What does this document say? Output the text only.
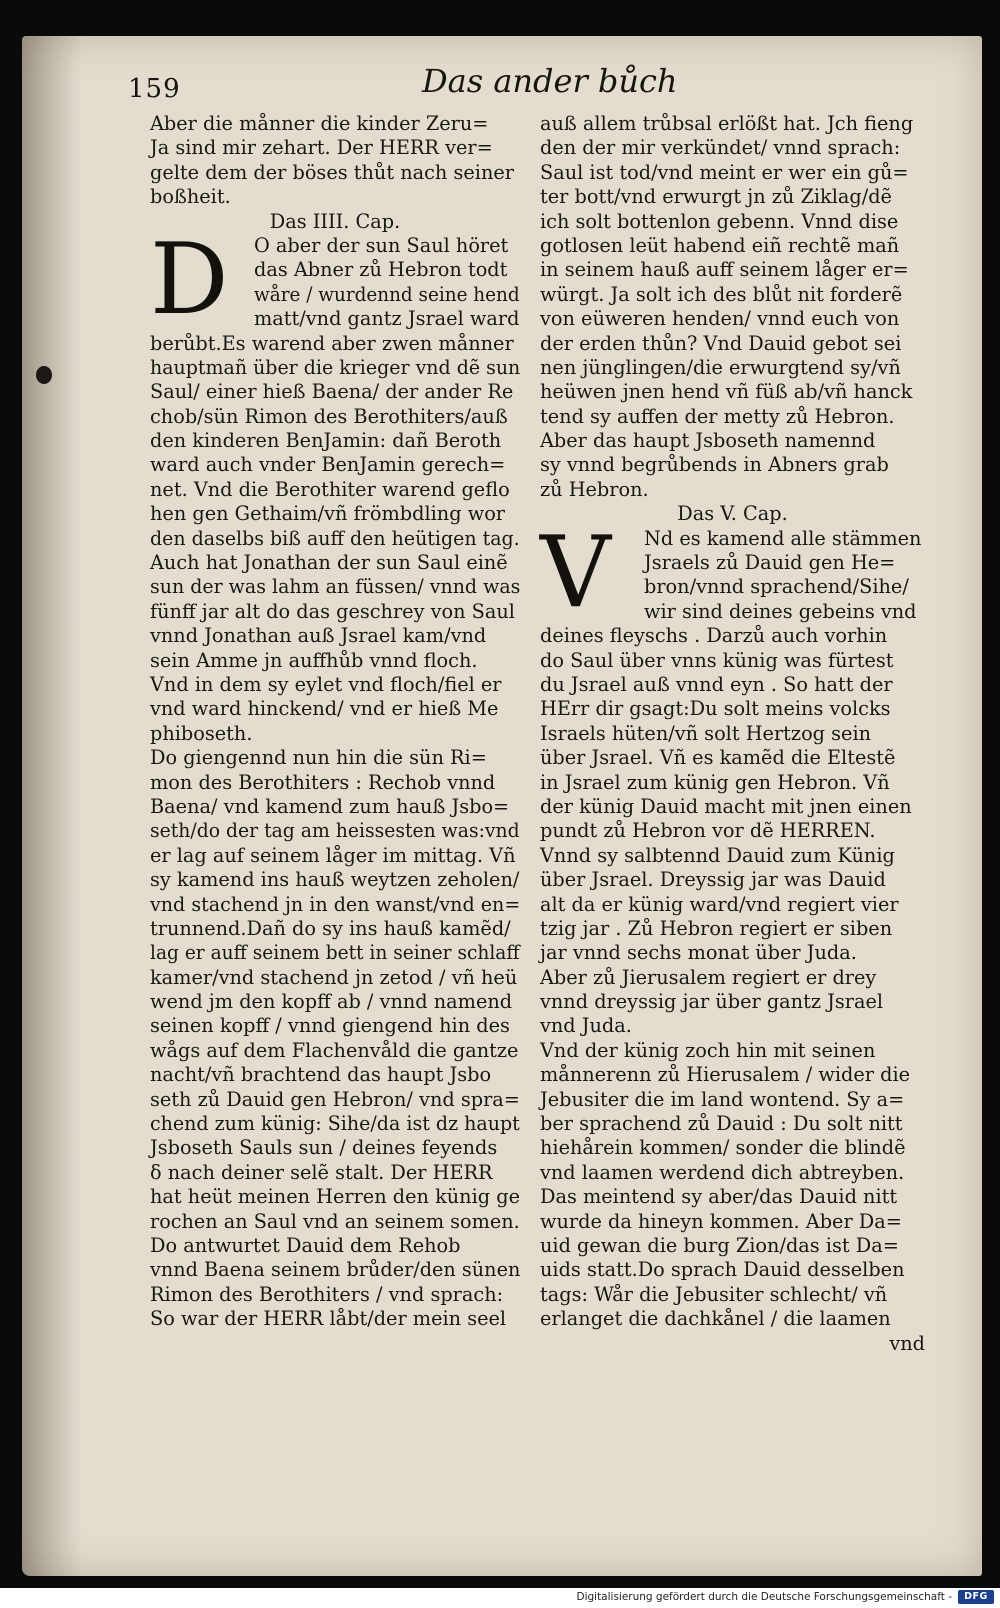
159	Das ander bůch
Aber die månner die kinder Zeru=
Ja sind mir zehart. Der HERR ver=
gelte dem der böses thůt nach seiner
boßheit.
Das IIII. Cap.
D	O aber der sun Saul höret
das Abner zů Hebron todt
wåre / wurdennd seine hend
matt/vnd gantz Jsrael ward
berůbt.Es warend aber zwen månner
hauptmañ über die krieger vnd dẽ sun
Saul/ einer hieß Baena/ der ander Re
chob/sün Rimon des Berothiters/auß
den kinderen BenJamin: dañ Beroth
ward auch vnder BenJamin gerech=
net. Vnd die Berothiter warend geflo
hen gen Gethaim/vñ frömbdling wor
den daselbs biß auff den heütigen tag.
Auch hat Jonathan der sun Saul einẽ
sun der was lahm an füssen/ vnnd was
fünff jar alt do das geschrey von Saul
vnnd Jonathan auß Jsrael kam/vnd
sein Amme jn auffhůb vnnd floch.
Vnd in dem sy eylet vnd floch/fiel er
vnd ward hinckend/ vnd er hieß Me
phiboseth.
Do giengennd nun hin die sün Ri=
mon des Berothiters : Rechob vnnd
Baena/ vnd kamend zum hauß Jsbo=
seth/do der tag am heissesten was:vnd
er lag auf seinem låger im mittag. Vñ
sy kamend ins hauß weytzen zeholen/
vnd stachend jn in den wanst/vnd en=
trunnend.Dañ do sy ins hauß kamẽd/
lag er auff seinem bett in seiner schlaff
kamer/vnd stachend jn zetod / vñ heü
wend jm den kopff ab / vnnd namend
seinen kopff / vnnd giengend hin des
wågs auf dem Flachenvåld die gantze
nacht/vñ brachtend das haupt Jsbo
seth zů Dauid gen Hebron/ vnd spra=
chend zum künig: Sihe/da ist dz haupt
Jsboseth Sauls sun / deines feyends
ẟ nach deiner selẽ stalt. Der HERR
hat heüt meinen Herren den künig ge
rochen an Saul vnd an seinem somen.
Do antwurtet Dauid dem Rehob
vnnd Baena seinem brůder/den sünen
Rimon des Berothiters / vnd sprach:
So war der HERR låbt/der mein seel
auß allem trůbsal erlößt hat. Jch fieng
den der mir verkündet/ vnnd sprach:
Saul ist tod/vnd meint er wer ein gů=
ter bott/vnd erwurgt jn zů Ziklag/dẽ
ich solt bottenlon gebenn. Vnnd dise
gotlosen leüt habend eiñ rechtẽ mañ
in seinem hauß auff seinem låger er=
würgt. Ja solt ich des blůt nit forderẽ
von eüweren henden/ vnnd euch von
der erden thůn? Vnd Dauid gebot sei
nen jünglingen/die erwurgtend sy/vñ
heüwen jnen hend vñ füß ab/vñ hanck
tend sy auffen der metty zů Hebron.
Aber das haupt Jsboseth namennd
sy vnnd begrůbends in Abners grab
zů Hebron.
Das V. Cap.
V	Nd es kamend alle stämmen
Jsraels zů Dauid gen He=
bron/vnnd sprachend/Sihe/
wir sind deines gebeins vnd
deines fleyschs . Darzů auch vorhin
do Saul über vnns künig was fürtest
du Jsrael auß vnnd eyn . So hatt der
HErr dir gsagt:Du solt meins volcks
Israels hüten/vñ solt Hertzog sein
über Jsrael. Vñ es kamẽd die Eltestẽ
in Jsrael zum künig gen Hebron. Vñ
der künig Dauid macht mit jnen einen
pundt zů Hebron vor dẽ HERREN.
Vnnd sy salbtennd Dauid zum Künig
über Jsrael. Dreyssig jar was Dauid
alt da er künig ward/vnd regiert vier
tzig jar . Zů Hebron regiert er siben
jar vnnd sechs monat über Juda.
Aber zů Jierusalem regiert er drey
vnnd dreyssig jar über gantz Jsrael
vnd Juda.
Vnd der künig zoch hin mit seinen
månnerenn zů Hierusalem / wider die
Jebusiter die im land wontend. Sy a=
ber sprachend zů Dauid : Du solt nitt
hiehårein kommen/ sonder die blindẽ
vnd laamen werdend dich abtreyben.
Das meintend sy aber/das Dauid nitt
wurde da hineyn kommen. Aber Da=
uid gewan die burg Zion/das ist Da=
uids statt.Do sprach Dauid desselben
tags: Wår die Jebusiter schlecht/ vñ
erlanget die dachkånel / die laamen
vnd
Digitalisierung gefördert durch die Deutsche Forschungsgemeinschaft -	DFG
